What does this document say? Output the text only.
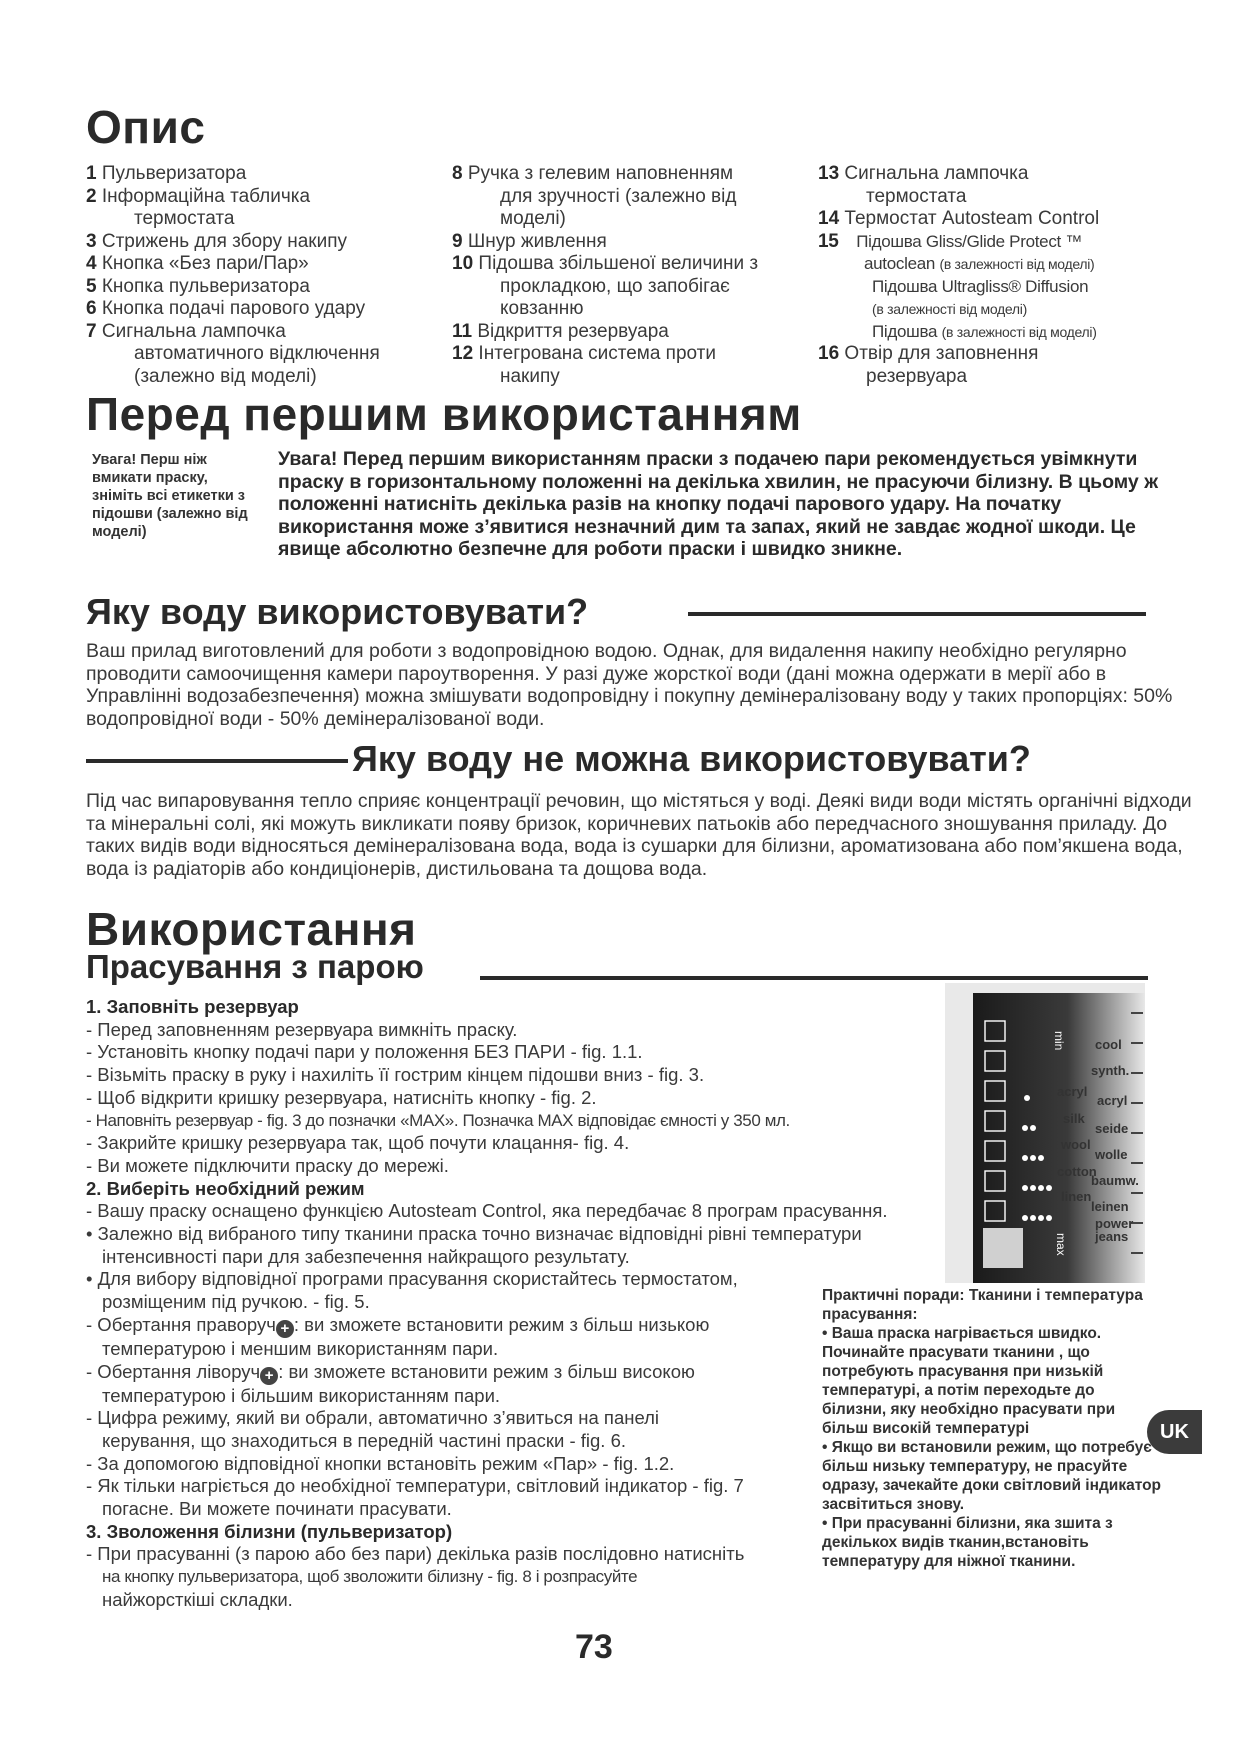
Опис
1 Пульверизатора
2 Інформаційна табличка
термостата
3 Стрижень для збору накипу
4 Кнопка «Без пари/Пар»
5 Кнопка пульверизатора
6 Кнопка подачі парового удару
7 Сигнальна лампочка
автоматичного відключення
(залежно від моделі)
8 Ручка з гелевим наповненням
для зручності (залежно від
моделі)
9 Шнур живлення
10 Підошва збільшеної величини з
прокладкою, що запобігає
ковзанню
11 Відкриття резервуара
12 Інтегрована система проти
накипу
13 Сигнальна лампочка
термостата
14 Термостат Autosteam Control
15 Підошва Gliss/Glide Protect ™
autoclean (в залежності від моделі)
Підошва Ultragliss® Diffusion
(в залежності від моделі)
Підошва (в залежності від моделі)
16 Отвір для заповнення
резервуара
Перед першим використанням
Увага! Перш ніж вмикати праску, зніміть всі етикетки з підошви (залежно від моделі)
Увага! Перед першим використанням праски з подачею пари рекомендується увімкнути праску в горизонтальному положенні на декілька хвилин, не прасуючи білизну. В цьому ж положенні натисніть декілька разів на кнопку подачі парового удару. На початку використання може з’явитися незначний дим та запах, який не завдає жодної шкоди. Це явище абсолютно безпечне для роботи праски і швидко зникне.
Яку воду використовувати?
Ваш прилад виготовлений для роботи з водопровідною водою. Однак, для видалення накипу необхідно регулярно проводити самоочищення камери пароутворення. У разі дуже жорсткої води (дані можна одержати в мерії або в Управлінні водозабезпечення) можна змішувати водопровідну і покупну демінералізовану воду у таких пропорціях: 50% водопровідної води - 50% демінералізованої води.
Яку воду не можна використовувати?
Під час випаровування тепло сприяє концентрації речовин, що містяться у воді. Деякі види води містять органічні відходи та мінеральні солі, які можуть викликати появу бризок, коричневих патьоків або передчасного зношування приладу. До таких видів води відносяться демінералізована вода, вода із сушарки для білизни, ароматизована або пом’якшена вода, вода із радіаторів або кондиціонерів, дистильована та дощова вода.
Використання
Прасування з парою
1. Заповніть резервуар
- Перед заповненням резервуара вимкніть праску.
- Установіть кнопку подачі пари у положення БЕЗ ПАРИ - fig. 1.1.
- Візьміть праску в руку і нахиліть її гострим кінцем підошви вниз - fig. 3.
- Щоб відкрити кришку резервуара, натисніть кнопку - fig. 2.
- Наповніть резервуар - fig. 3 до позначки «MAX». Позначка MAX відповідає ємності у 350 мл.
- Закрийте кришку резервуара так, щоб почути клацання- fig. 4.
- Ви можете підключити праску до мережі.
2. Виберіть необхідний режим
- Вашу праску оснащено функцією Autosteam Control, яка передбачає 8 програм прасування.
• Залежно від вибраного типу тканини праска точно визначає відповідні рівні температури
інтенсивності пари для забезпечення найкращого результату.
• Для вибору відповідної програми прасування скористайтесь термостатом,
розміщеним під ручкою. - fig. 5.
- Обертання праворуч + : ви зможете встановити режим з більш низькою
температурою і меншим використанням пари.
- Обертання ліворуч + : ви зможете встановити режим з більш високою
температурою і більшим використанням пари.
- Цифра режиму, який ви обрали, автоматично з’явиться на панелі
керування, що знаходиться в передній частині праски - fig. 6.
- За допомогою відповідної кнопки встановіть режим «Пар» - fig. 1.2.
- Як тільки нагріється до необхідної температури, світловий індикатор - fig. 7
погасне. Ви можете починати прасувати.
3. Зволоження білизни (пульверизатор)
- При прасуванні (з парою або без пари) декілька разів послідовно натисніть
на кнопку пульверизатора, щоб зволожити білизну - fig. 8 і розпрасуйте
найжорсткіші складки.
min
max
cool
synth.
acryl
acryl
silk
seide
wool
wolle
cotton
baumw.
linen
leinen
power
jeans
Практичні поради: Тканини і температура прасування:
• Ваша праска нагрівається швидко. Починайте прасувати тканини , що потребують прасування при низькій температурі, а потім переходьте до білизни, яку необхідно прасувати при більш високій температурі
• Якщо ви встановили режим, що потребує більш низьку температуру, не прасуйте одразу, зачекайте доки світловий індикатор засвітиться знову.
• При прасуванні білизни, яка зшита з декількох видів тканин,встановіть температуру для ніжної тканини.
UK
73
